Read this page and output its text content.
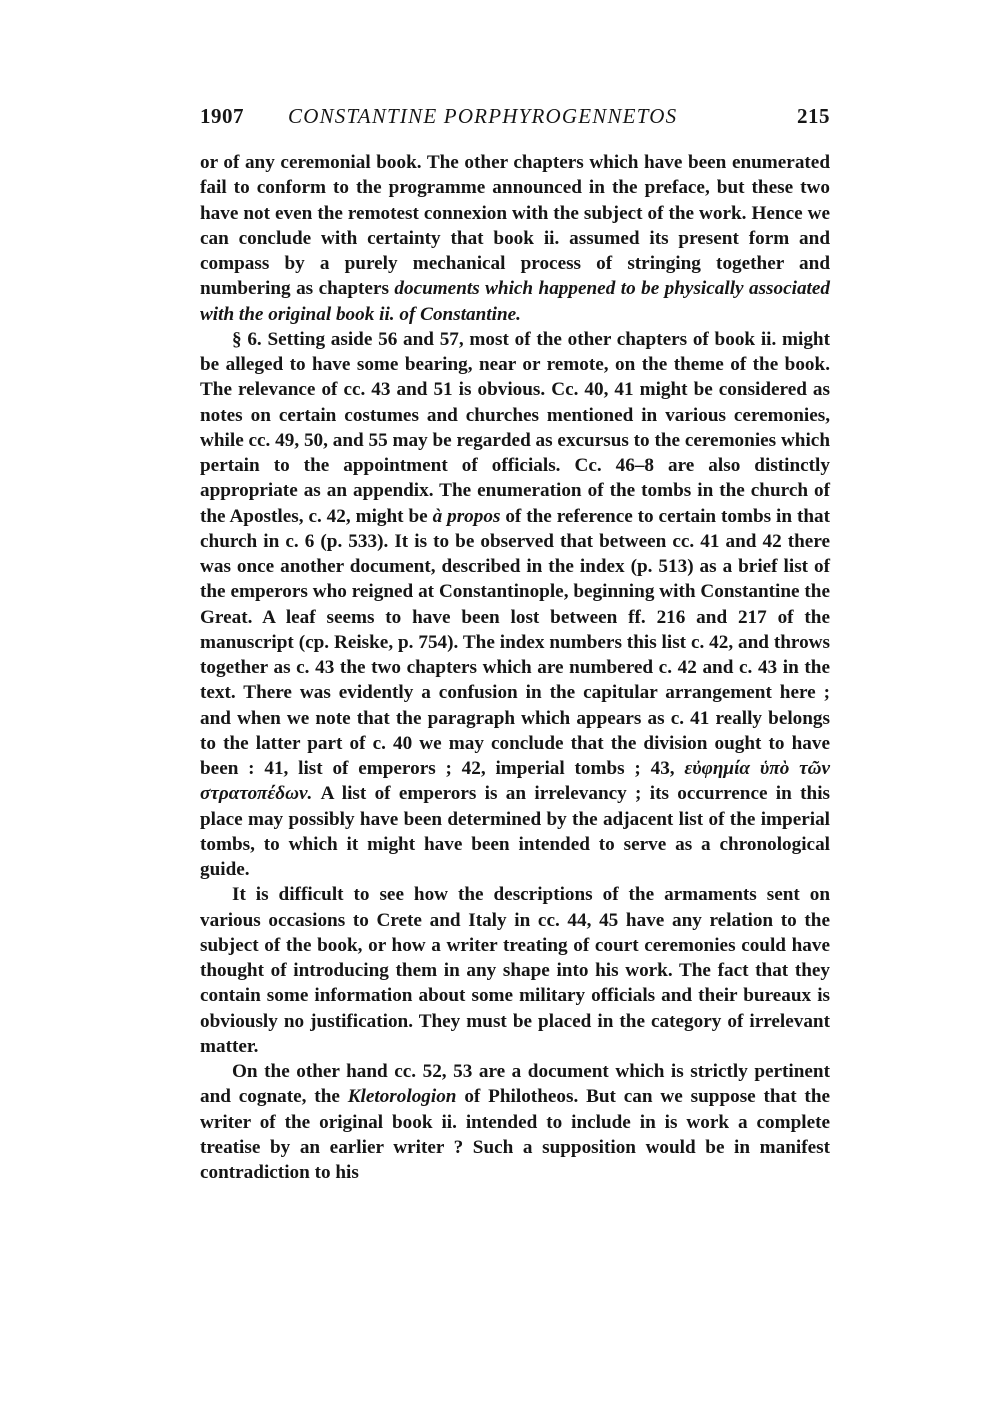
1907 CONSTANTINE PORPHYROGENNETOS	215

or of any ceremonial book. The other chapters which have been enumerated fail to conform to the programme announced in the preface, but these two have not even the remotest connexion with the subject of the work. Hence we can conclude with certainty that book ii. assumed its present form and compass by a purely mechanical process of stringing together and numbering as chapters documents which happened to be physically associated with the original book ii. of Constantine.

§ 6. Setting aside 56 and 57, most of the other chapters of book ii. might be alleged to have some bearing, near or remote, on the theme of the book. The relevance of cc. 43 and 51 is obvious. Cc. 40, 41 might be considered as notes on certain costumes and churches mentioned in various ceremonies, while cc. 49, 50, and 55 may be regarded as excursus to the ceremonies which pertain to the appointment of officials. Cc. 46–8 are also distinctly appropriate as an appendix. The enumeration of the tombs in the church of the Apostles, c. 42, might be à propos of the reference to certain tombs in that church in c. 6 (p. 533). It is to be observed that between cc. 41 and 42 there was once another document, described in the index (p. 513) as a brief list of the emperors who reigned at Constantinople, beginning with Constantine the Great. A leaf seems to have been lost between ff. 216 and 217 of the manuscript (cp. Reiske, p. 754). The index numbers this list c. 42, and throws together as c. 43 the two chapters which are numbered c. 42 and c. 43 in the text. There was evidently a confusion in the capitular arrangement here ; and when we note that the paragraph which appears as c. 41 really belongs to the latter part of c. 40 we may conclude that the division ought to have been : 41, list of emperors ; 42, imperial tombs ; 43, εὐφημία ὑπὸ τῶν στρατοπέδων. A list of emperors is an irrelevancy ; its occurrence in this place may possibly have been determined by the adjacent list of the imperial tombs, to which it might have been intended to serve as a chronological guide.

It is difficult to see how the descriptions of the armaments sent on various occasions to Crete and Italy in cc. 44, 45 have any relation to the subject of the book, or how a writer treating of court ceremonies could have thought of introducing them in any shape into his work. The fact that they contain some information about some military officials and their bureaux is obviously no justification. They must be placed in the category of irrelevant matter.

On the other hand cc. 52, 53 are a document which is strictly pertinent and cognate, the Kletorologion of Philotheos. But can we suppose that the writer of the original book ii. intended to include in is work a complete treatise by an earlier writer ? Such a supposition would be in manifest contradiction to his
